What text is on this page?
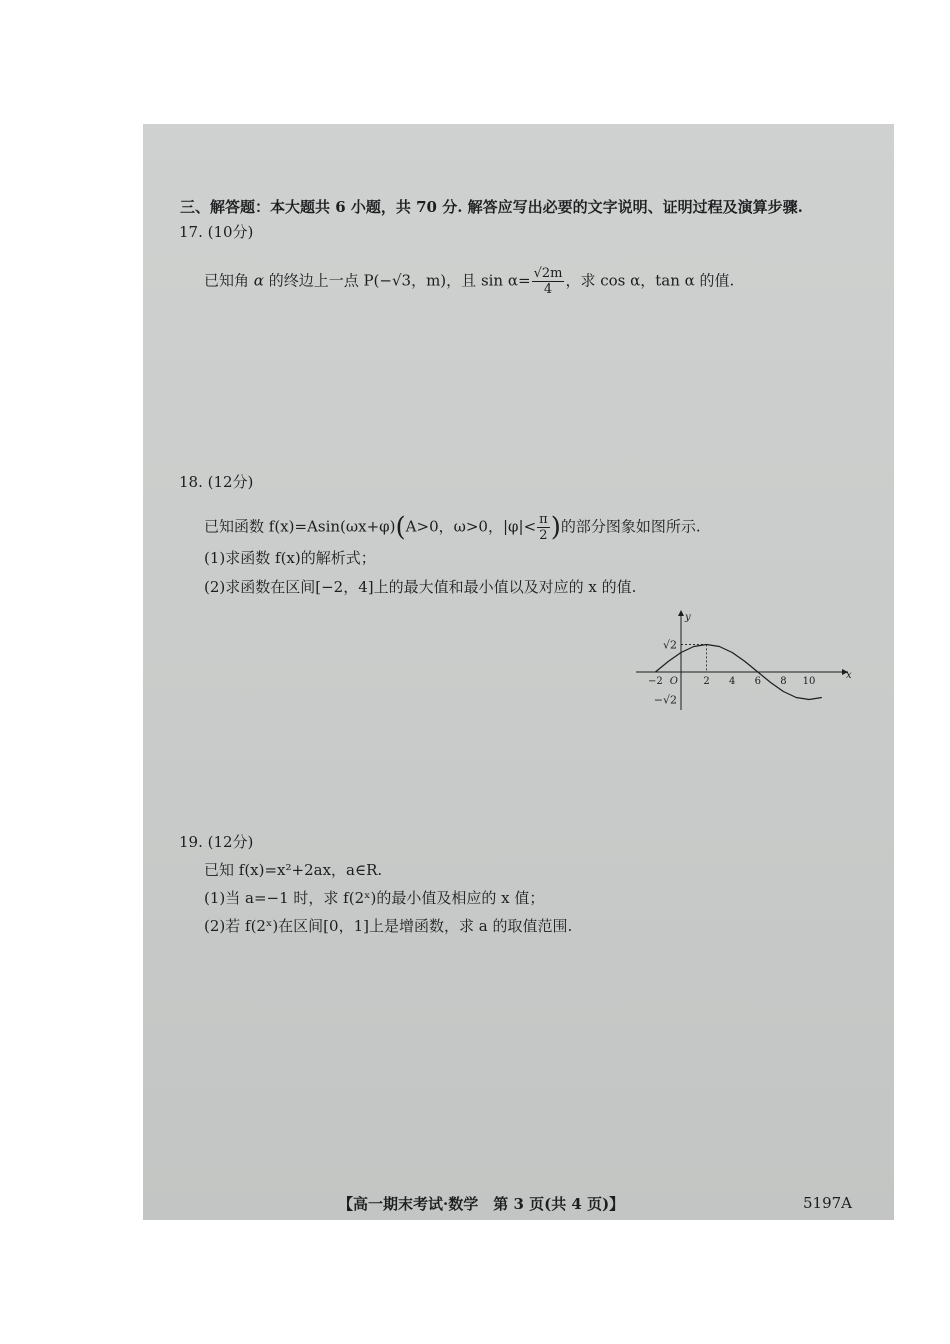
三、解答题：本大题共 6 小题，共 70 分. 解答应写出必要的文字说明、证明过程及演算步骤.
17. (10分)
已知角 α 的终边上一点 P(−√3，m)，且 $\sin \alpha= \frac{√2m}{4}$ ，求 cos α，tan α 的值.
18. (12分)
已知函数 f(x)=Asin(ωx+φ)(A>0，ω>0，$|\varphi|< \frac{\pi}{2}$ )的部分图象如图所示.
(1)求函数 f(x)的解析式；
(2)求函数在区间[−2，4]上的最大值和最小值以及对应的 x 的值.
x
y
O
−2	2 4 6 8 10
√2
−√2
19. (12分)
已知 f(x)=x²+2ax，a∈R.
(1)当 a=−1 时，求 f(2ˣ)的最小值及相应的 x 值；
(2)若 f(2ˣ)在区间[0，1]上是增函数，求 a 的取值范围.
【高一期末考试·数学　第 3 页(共 4 页)】	5197A
